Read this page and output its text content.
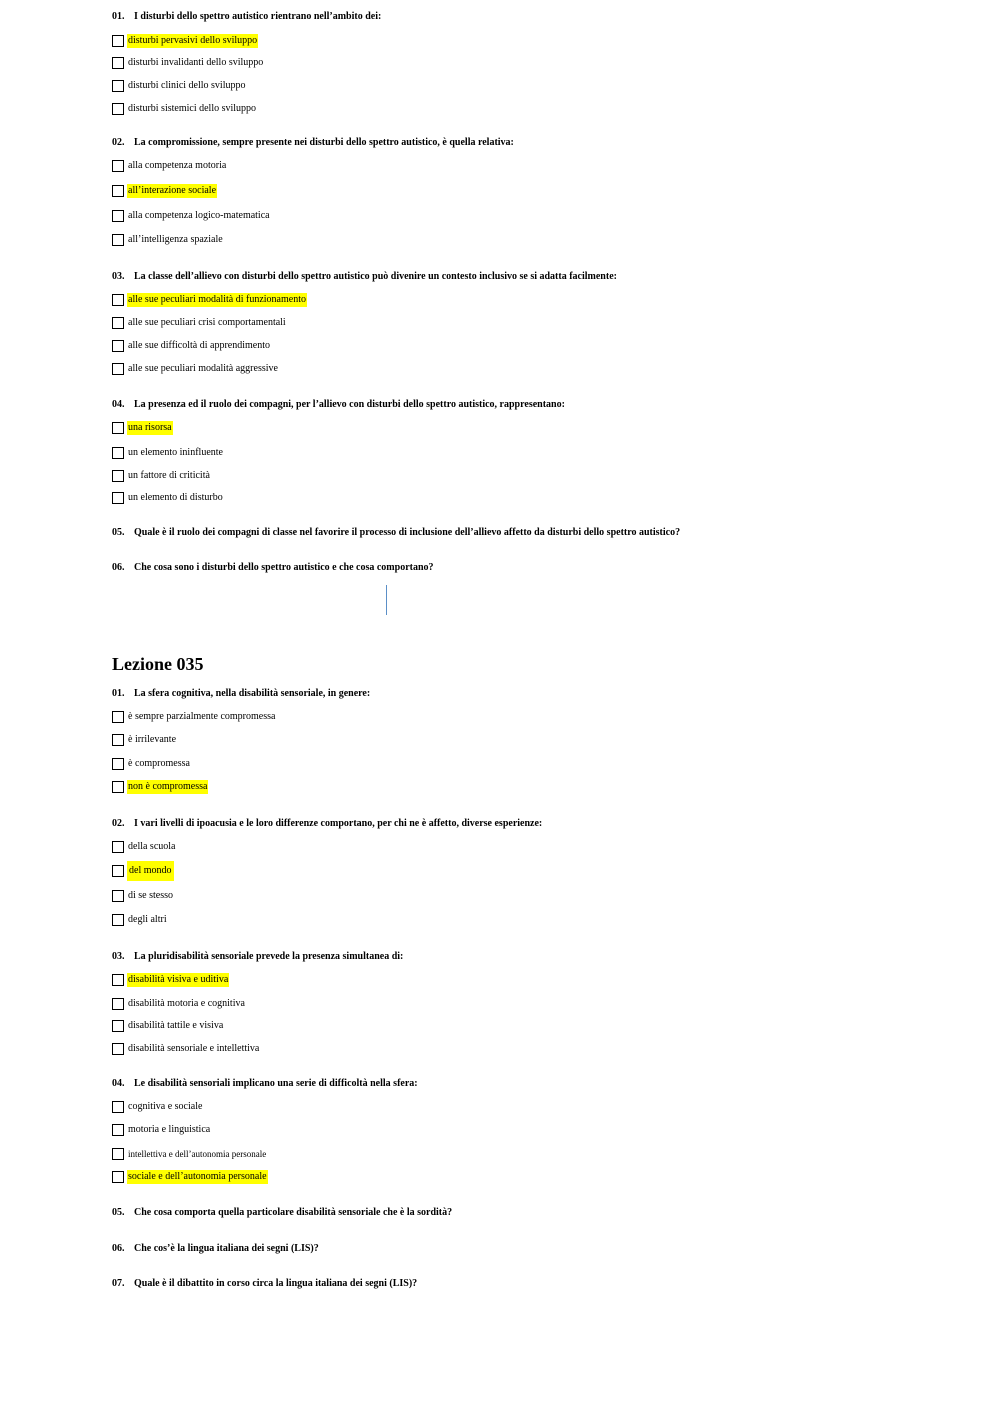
01. I disturbi dello spettro autistico rientrano nell’ambito dei:
disturbi pervasivi dello sviluppo
disturbi invalidanti dello sviluppo
disturbi clinici dello sviluppo
disturbi sistemici dello sviluppo
02. La compromissione, sempre presente nei disturbi dello spettro autistico, è quella relativa:
alla competenza motoria
all’interazione sociale
alla competenza logico-matematica
all’intelligenza spaziale
03. La classe dell’allievo con disturbi dello spettro autistico può divenire un contesto inclusivo se si adatta facilmente:
alle sue peculiari modalità di funzionamento
alle sue peculiari crisi comportamentali
alle sue difficoltà di apprendimento
alle sue peculiari modalità aggressive
04. La presenza ed il ruolo dei compagni, per l’allievo con disturbi dello spettro autistico, rappresentano:
una risorsa
un elemento ininfluente
un fattore di criticità
un elemento di disturbo
05. Quale è il ruolo dei compagni di classe nel favorire il processo di inclusione dell’allievo affetto da disturbi dello spettro autistico?
06. Che cosa sono i disturbi dello spettro autistico e che cosa comportano?
Lezione 035
01. La sfera cognitiva, nella disabilità sensoriale, in genere:
è sempre parzialmente compromessa
è irrilevante
è compromessa
non è compromessa
02. I vari livelli di ipoacusia e le loro differenze comportano, per chi ne è affetto, diverse esperienze:
della scuola
del mondo
di se stesso
degli altri
03. La pluridisabilità sensoriale prevede la presenza simultanea di:
disabilità visiva e uditiva
disabilità motoria e cognitiva
disabilità tattile e visiva
disabilità sensoriale e intellettiva
04. Le disabilità sensoriali implicano una serie di difficoltà nella sfera:
cognitiva e sociale
motoria e linguistica
intellettiva e dell’autonomia personale
sociale e dell’autonomia personale
05. Che cosa comporta quella particolare disabilità sensoriale che è la sordità?
06. Che cos’è la lingua italiana dei segni (LIS)?
07. Quale è il dibattito in corso circa la lingua italiana dei segni (LIS)?
